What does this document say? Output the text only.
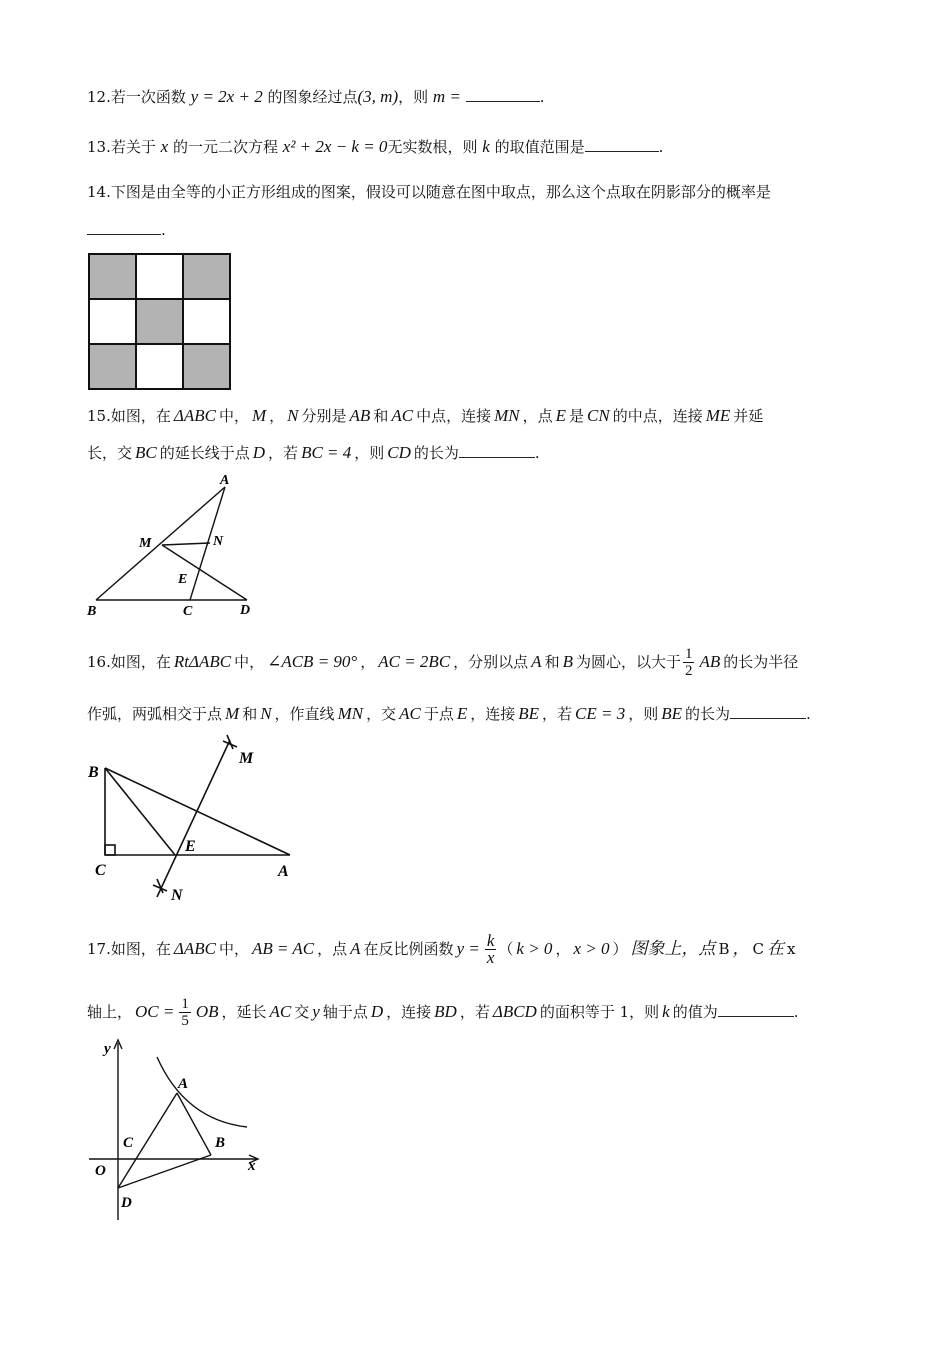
12.若一次函数 y = 2x + 2 的图象经过点(3, m)，则 m =	.
13.若关于 x 的一元二次方程 x² + 2x − k = 0无实数根，则 k 的取值范围是	.
14.下图是由全等的小正方形组成的图案，假设可以随意在图中取点，那么这个点取在阴影部分的概率是
.
15.如图，在 ΔABC 中， M ， N 分别是 AB 和 AC 中点，连接 MN ，点 E 是 CN 的中点，连接 ME 并延
长，交 BC 的延长线于点 D ，若 BC = 4 ，则 CD 的长为	.
A
M	N
E
B	C	D
16.如图，在 RtΔABC 中， ∠ACB = 90° ， AC = 2BC ，分别以点 A 和 B 为圆心，以大于 $\frac{1}{2}$ AB 的长为半径
作弧，两弧相交于点 M 和 N ，作直线 MN ，交 AC 于点 E ，连接 BE ，若 CE = 3 ，则 BE 的长为	.
B
M
E
C	A
N
17.如图，在 ΔABC 中， AB = AC ，点 A 在反比例函数 $y = \frac{k}{x}$ （ k > 0 ， x > 0 ） 图象上，点 B ， C 在 x
轴上， OC = $\frac{1}{5}$ OB ，延长 AC 交 y 轴于点 D ，连接 BD ，若 ΔBCD 的面积等于 1，则 k 的值为	.
y
A
C	B
O	x
D
